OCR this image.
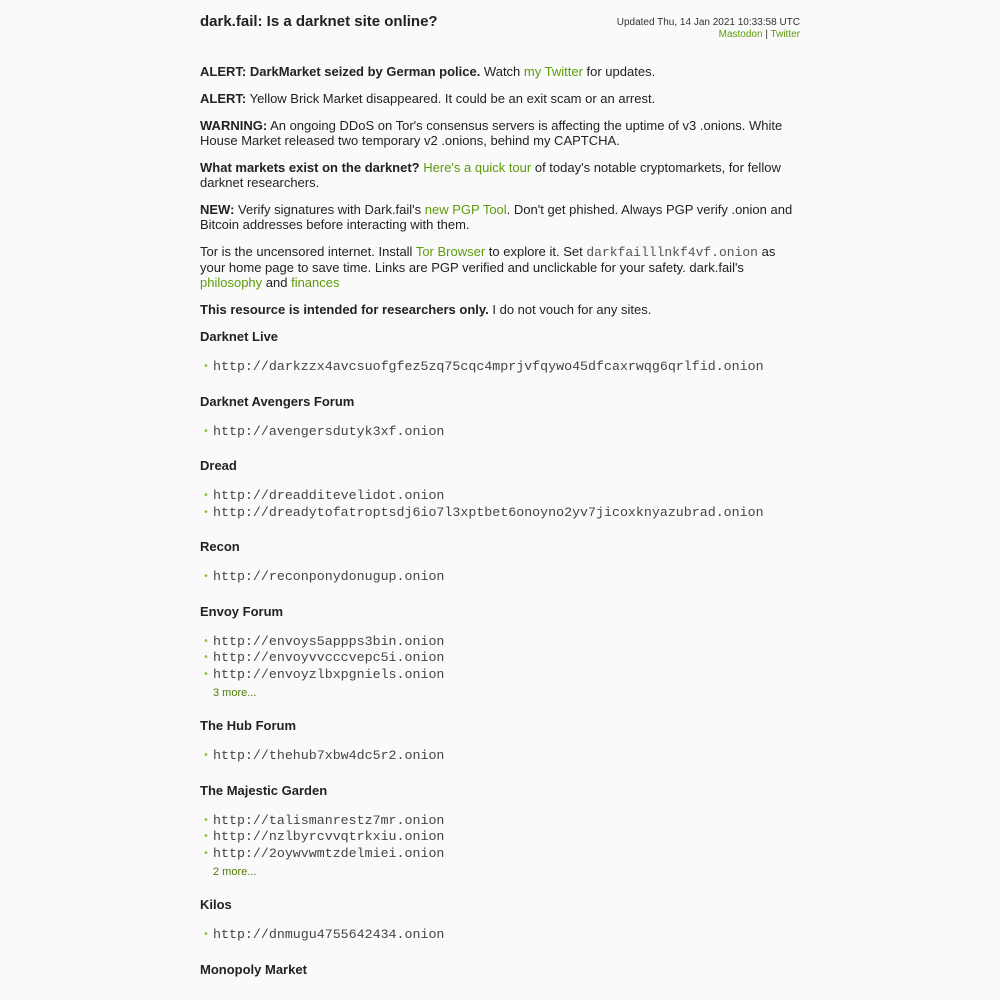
dark.fail: Is a darknet site online?	Updated Thu, 14 Jan 2021 10:33:58 UTC
Mastodon | Twitter

ALERT: DarkMarket seized by German police. Watch my Twitter for updates.

ALERT: Yellow Brick Market disappeared. It could be an exit scam or an arrest.

WARNING: An ongoing DDoS on Tor's consensus servers is affecting the uptime of v3 .onions. White House Market released two temporary v2 .onions, behind my CAPTCHA.

What markets exist on the darknet? Here's a quick tour of today's notable cryptomarkets, for fellow darknet researchers.

NEW: Verify signatures with Dark.fail's new PGP Tool. Don't get phished. Always PGP verify .onion and Bitcoin addresses before interacting with them.

Tor is the uncensored internet. Install Tor Browser to explore it. Set darkfailllnkf4vf.onion as your home page to save time. Links are PGP verified and unclickable for your safety. dark.fail's philosophy and finances

This resource is intended for researchers only. I do not vouch for any sites.

Darknet Live
• http://darkzzx4avcsuofgfez5zq75cqc4mprjvfqywo45dfcaxrwqg6qrlfid.onion
Darknet Avengers Forum
• http://avengersdutyk3xf.onion
Dread
• http://dreadditevelidot.onion
• http://dreadytofatroptsdj6io7l3xptbet6onoyno2yv7jicoxknyazubrad.onion
Recon
• http://reconponydonugup.onion
Envoy Forum
• http://envoys5appps3bin.onion
• http://envoyvvcccvepc5i.onion
• http://envoyzlbxpgniels.onion
3 more...
The Hub Forum
• http://thehub7xbw4dc5r2.onion
The Majestic Garden
• http://talismanrestz7mr.onion
• http://nzlbyrcvvqtrkxiu.onion
• http://2oywvwmtzdelmiei.onion
2 more...
Kilos
• http://dnmugu4755642434.onion
Monopoly Market
